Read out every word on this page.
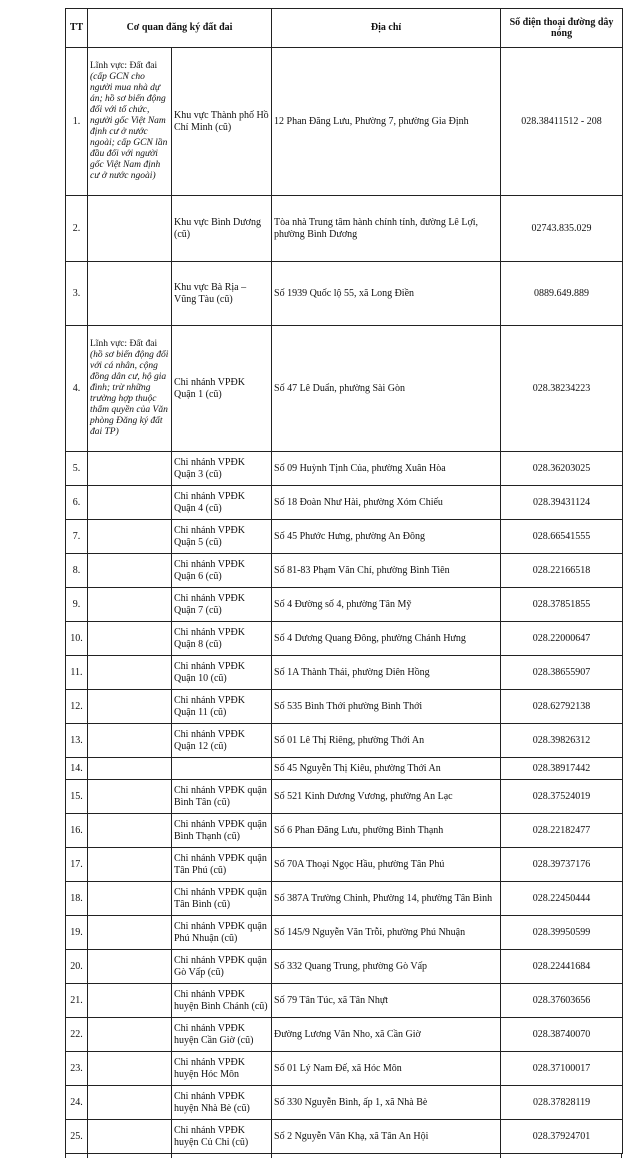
TT	Cơ quan đăng ký đất đai		Địa chỉ	Số điện thoại đường dây nóng
1.	Lĩnh vực: Đất đai
(cấp GCN cho người mua nhà dự án; hồ sơ biến động đối với tổ chức, người gốc Việt Nam định cư ở nước ngoài; cấp GCN lần đầu đối với người gốc Việt Nam định cư ở nước ngoài)	Khu vực Thành phố Hồ Chí Minh (cũ)	12 Phan Đăng Lưu, Phường 7, phường Gia Định	028.38411512 - 208
2.		Khu vực Bình Dương (cũ)	Tòa nhà Trung tâm hành chính tỉnh, đường Lê Lợi, phường Bình Dương	02743.835.029
3.		Khu vực Bà Rịa – Vũng Tàu (cũ)	Số 1939 Quốc lộ 55, xã Long Điền	0889.649.889
4.	Lĩnh vực: Đất đai
(hồ sơ biến động đối với cá nhân, cộng đồng dân cư, hộ gia đình; trừ những trường hợp thuộc thẩm quyền của Văn phòng Đăng ký đất đai TP)	Chi nhánh VPĐK Quận 1 (cũ)	Số 47 Lê Duẩn, phường Sài Gòn	028.38234223
5.		Chi nhánh VPĐK Quận 3 (cũ)	Số 09 Huỳnh Tịnh Của, phường Xuân Hòa	028.36203025
6.		Chi nhánh VPĐK Quận 4 (cũ)	Số 18 Đoàn Như Hài, phường Xóm Chiếu	028.39431124
7.		Chi nhánh VPĐK Quận 5 (cũ)	Số 45 Phước Hưng, phường An Đông	028.66541555
8.		Chi nhánh VPĐK Quận 6 (cũ)	Số 81-83 Phạm Văn Chí, phường Bình Tiên	028.22166518
9.		Chi nhánh VPĐK Quận 7 (cũ)	Số 4 Đường số 4, phường Tân Mỹ	028.37851855
10.		Chi nhánh VPĐK Quận 8 (cũ)	Số 4 Dương Quang Đông, phường Chánh Hưng	028.22000647
11.		Chi nhánh VPĐK Quận 10 (cũ)	Số 1A Thành Thái, phường Diên Hồng	028.38655907
12.		Chi nhánh VPĐK Quận 11 (cũ)	Số 535 Bình Thới phường Bình Thới	028.62792138
13.		Chi nhánh VPĐK Quận 12 (cũ)	Số 01 Lê Thị Riêng, phường Thới An	028.39826312
14.			Số 45 Nguyễn Thị Kiêu, phường Thới An	028.38917442
15.		Chi nhánh VPĐK quận Bình Tân (cũ)	Số 521 Kinh Dương Vương, phường An Lạc	028.37524019
16.		Chi nhánh VPĐK quận Bình Thạnh (cũ)	Số 6 Phan Đăng Lưu, phường Bình Thạnh	028.22182477
17.		Chi nhánh VPĐK quận Tân Phú (cũ)	Số 70A Thoại Ngọc Hầu, phường Tân Phú	028.39737176
18.		Chi nhánh VPĐK quận Tân Bình (cũ)	Số 387A Trường Chinh, Phường 14, phường Tân Bình	028.22450444
19.		Chi nhánh VPĐK quận Phú Nhuận (cũ)	Số 145/9 Nguyễn Văn Trỗi, phường Phú Nhuận	028.39950599
20.		Chi nhánh VPĐK quận Gò Vấp (cũ)	Số 332 Quang Trung, phường Gò Vấp	028.22441684
21.		Chi nhánh VPĐK huyện Bình Chánh (cũ)	Số 79 Tân Túc, xã Tân Nhựt	028.37603656
22.		Chi nhánh VPĐK huyện Cần Giờ (cũ)	Đường Lương Văn Nho, xã Cần Giờ	028.38740070
23.		Chi nhánh VPĐK huyện Hóc Môn	Số 01 Lý Nam Đế, xã Hóc Môn	028.37100017
24.		Chi nhánh VPĐK huyện Nhà Bè (cũ)	Số 330 Nguyễn Bình, ấp 1, xã Nhà Bè	028.37828119
25.		Chi nhánh VPĐK huyện Củ Chi (cũ)	Số 2 Nguyễn Văn Khạ, xã Tân An Hội	028.37924701
